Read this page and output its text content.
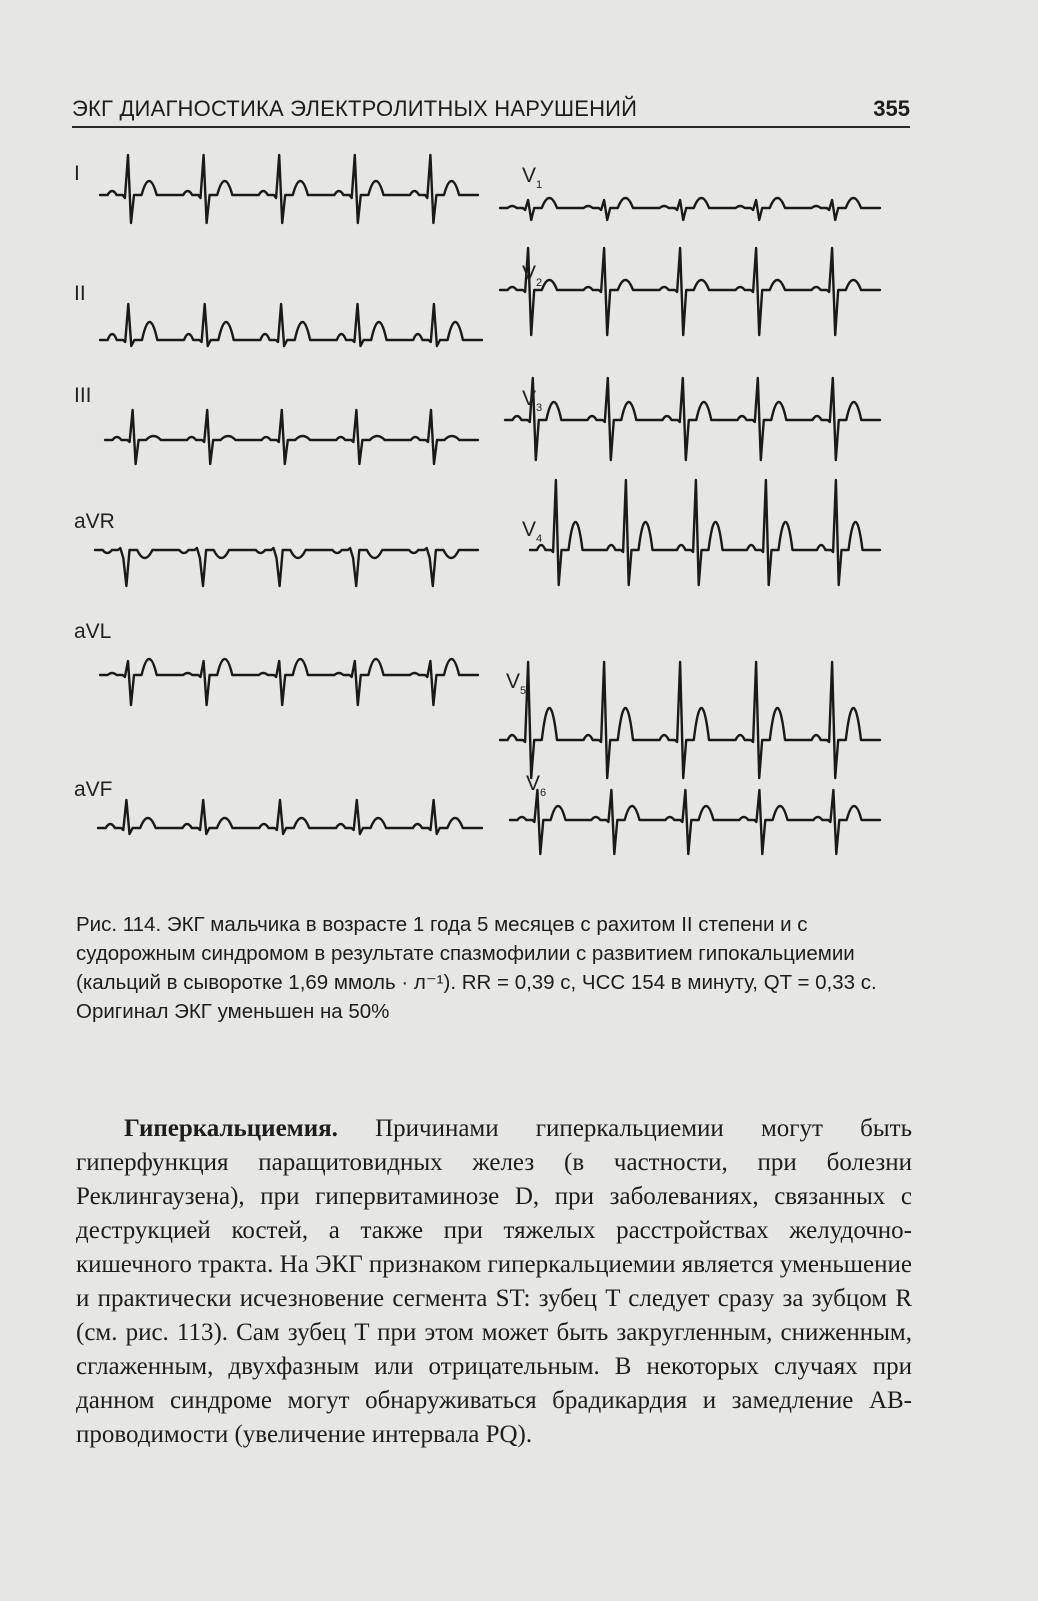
ЭКГ ДИАГНОСТИКА ЭЛЕКТРОЛИТНЫХ НАРУШЕНИЙ	355
I
II
III
aVR
aVL
aVF
$V_1$
$V_2$
$V_3$
$V_4$
$V_5$
$V_6$

Рис. 114. ЭКГ мальчика в возрасте 1 года 5 месяцев с рахитом II степени и с судорожным синдромом в результате спазмофилии с развитием гипокальциемии (кальций в сыворотке 1,69 ммоль · л⁻¹). RR = 0,39 с, ЧСС 154 в минуту, QT = 0,33 с. Оригинал ЭКГ уменьшен на 50%

Гиперкальциемия. Причинами гиперкальциемии могут быть гиперфункция паращитовидных желез (в частности, при болезни Реклингаузена), при гипервитаминозе D, при заболеваниях, связанных с деструкцией костей, а также при тяжелых расстройствах желудочно-кишечного тракта. На ЭКГ признаком гиперкальциемии является уменьшение и практически исчезновение сегмента ST: зубец T следует сразу за зубцом R (см. рис. 113). Сам зубец T при этом может быть закругленным, сниженным, сглаженным, двухфазным или отрицательным. В некоторых случаях при данном синдроме могут обнаруживаться брадикардия и замедление АВ-проводимости (увеличение интервала PQ).
